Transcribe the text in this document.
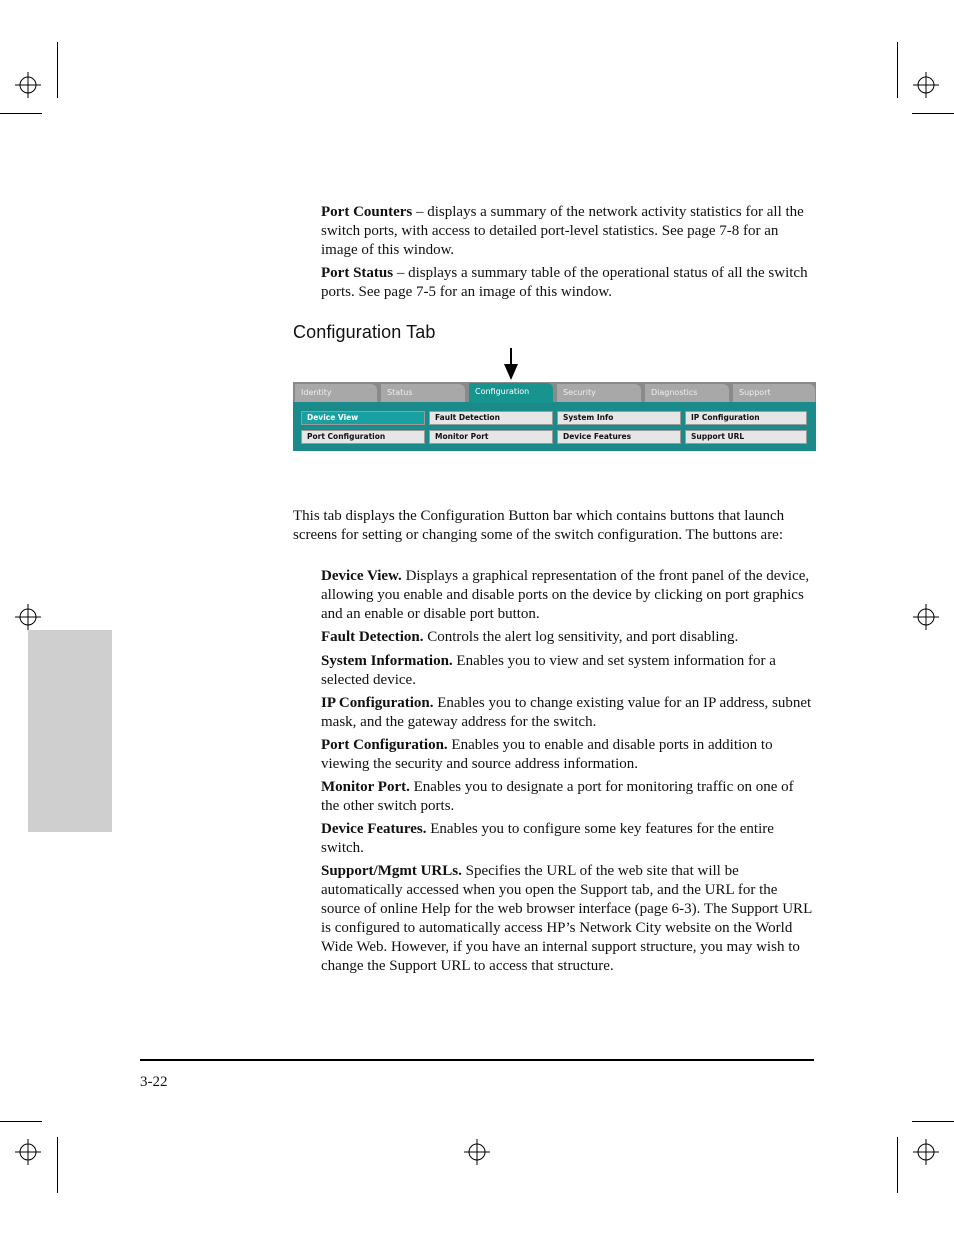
Port Counters – displays a summary of the network activity statistics for all the switch ports, with access to detailed port-level statistics. See page 7-8 for an image of this window.
Port Status – displays a summary table of the operational status of all the switch ports. See page 7-5 for an image of this window.
Configuration Tab
Identity	Status	Configuration	Security	Diagnostics	Support
Device View	Fault Detection	System Info	IP Configuration
Port Configuration	Monitor Port	Device Features	Support URL
This tab displays the Configuration Button bar which contains buttons that launch screens for setting or changing some of the switch configuration. The buttons are:
Device View. Displays a graphical representation of the front panel of the device, allowing you enable and disable ports on the device by clicking on port graphics and an enable or disable port button.
Fault Detection. Controls the alert log sensitivity, and port disabling.
System Information. Enables you to view and set system information for a selected device.
IP Configuration. Enables you to change existing value for an IP address, subnet mask, and the gateway address for the switch.
Port Configuration. Enables you to enable and disable ports in addition to viewing the security and source address information.
Monitor Port. Enables you to designate a port for monitoring traffic on one of the other switch ports.
Device Features. Enables you to configure some key features for the entire switch.
Support/Mgmt URLs. Specifies the URL of the web site that will be automatically accessed when you open the Support tab, and the URL for the source of online Help for the web browser interface (page 6-3). The Support URL is configured to automatically access HP’s Network City website on the World Wide Web. However, if you have an internal support structure, you may wish to change the Support URL to access that structure.
3-22
